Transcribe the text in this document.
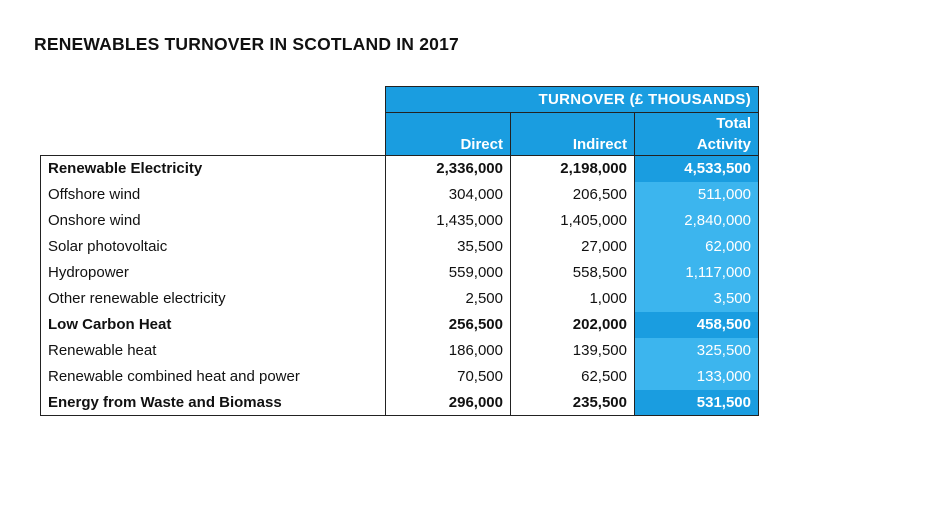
RENEWABLES TURNOVER IN SCOTLAND IN 2017
	TURNOVER (£ THOUSANDS)		

	Direct	Indirect	Total
Activity

Renewable Electricity	2,336,000	2,198,000	4,533,500
Offshore wind	304,000	206,500	511,000
Onshore wind	1,435,000	1,405,000	2,840,000
Solar photovoltaic	35,500	27,000	62,000
Hydropower	559,000	558,500	1,117,000
Other renewable electricity	2,500	1,000	3,500
Low Carbon Heat	256,500	202,000	458,500
Renewable heat	186,000	139,500	325,500
Renewable combined heat and power	70,500	62,500	133,000
Energy from Waste and Biomass	296,000	235,500	531,500
